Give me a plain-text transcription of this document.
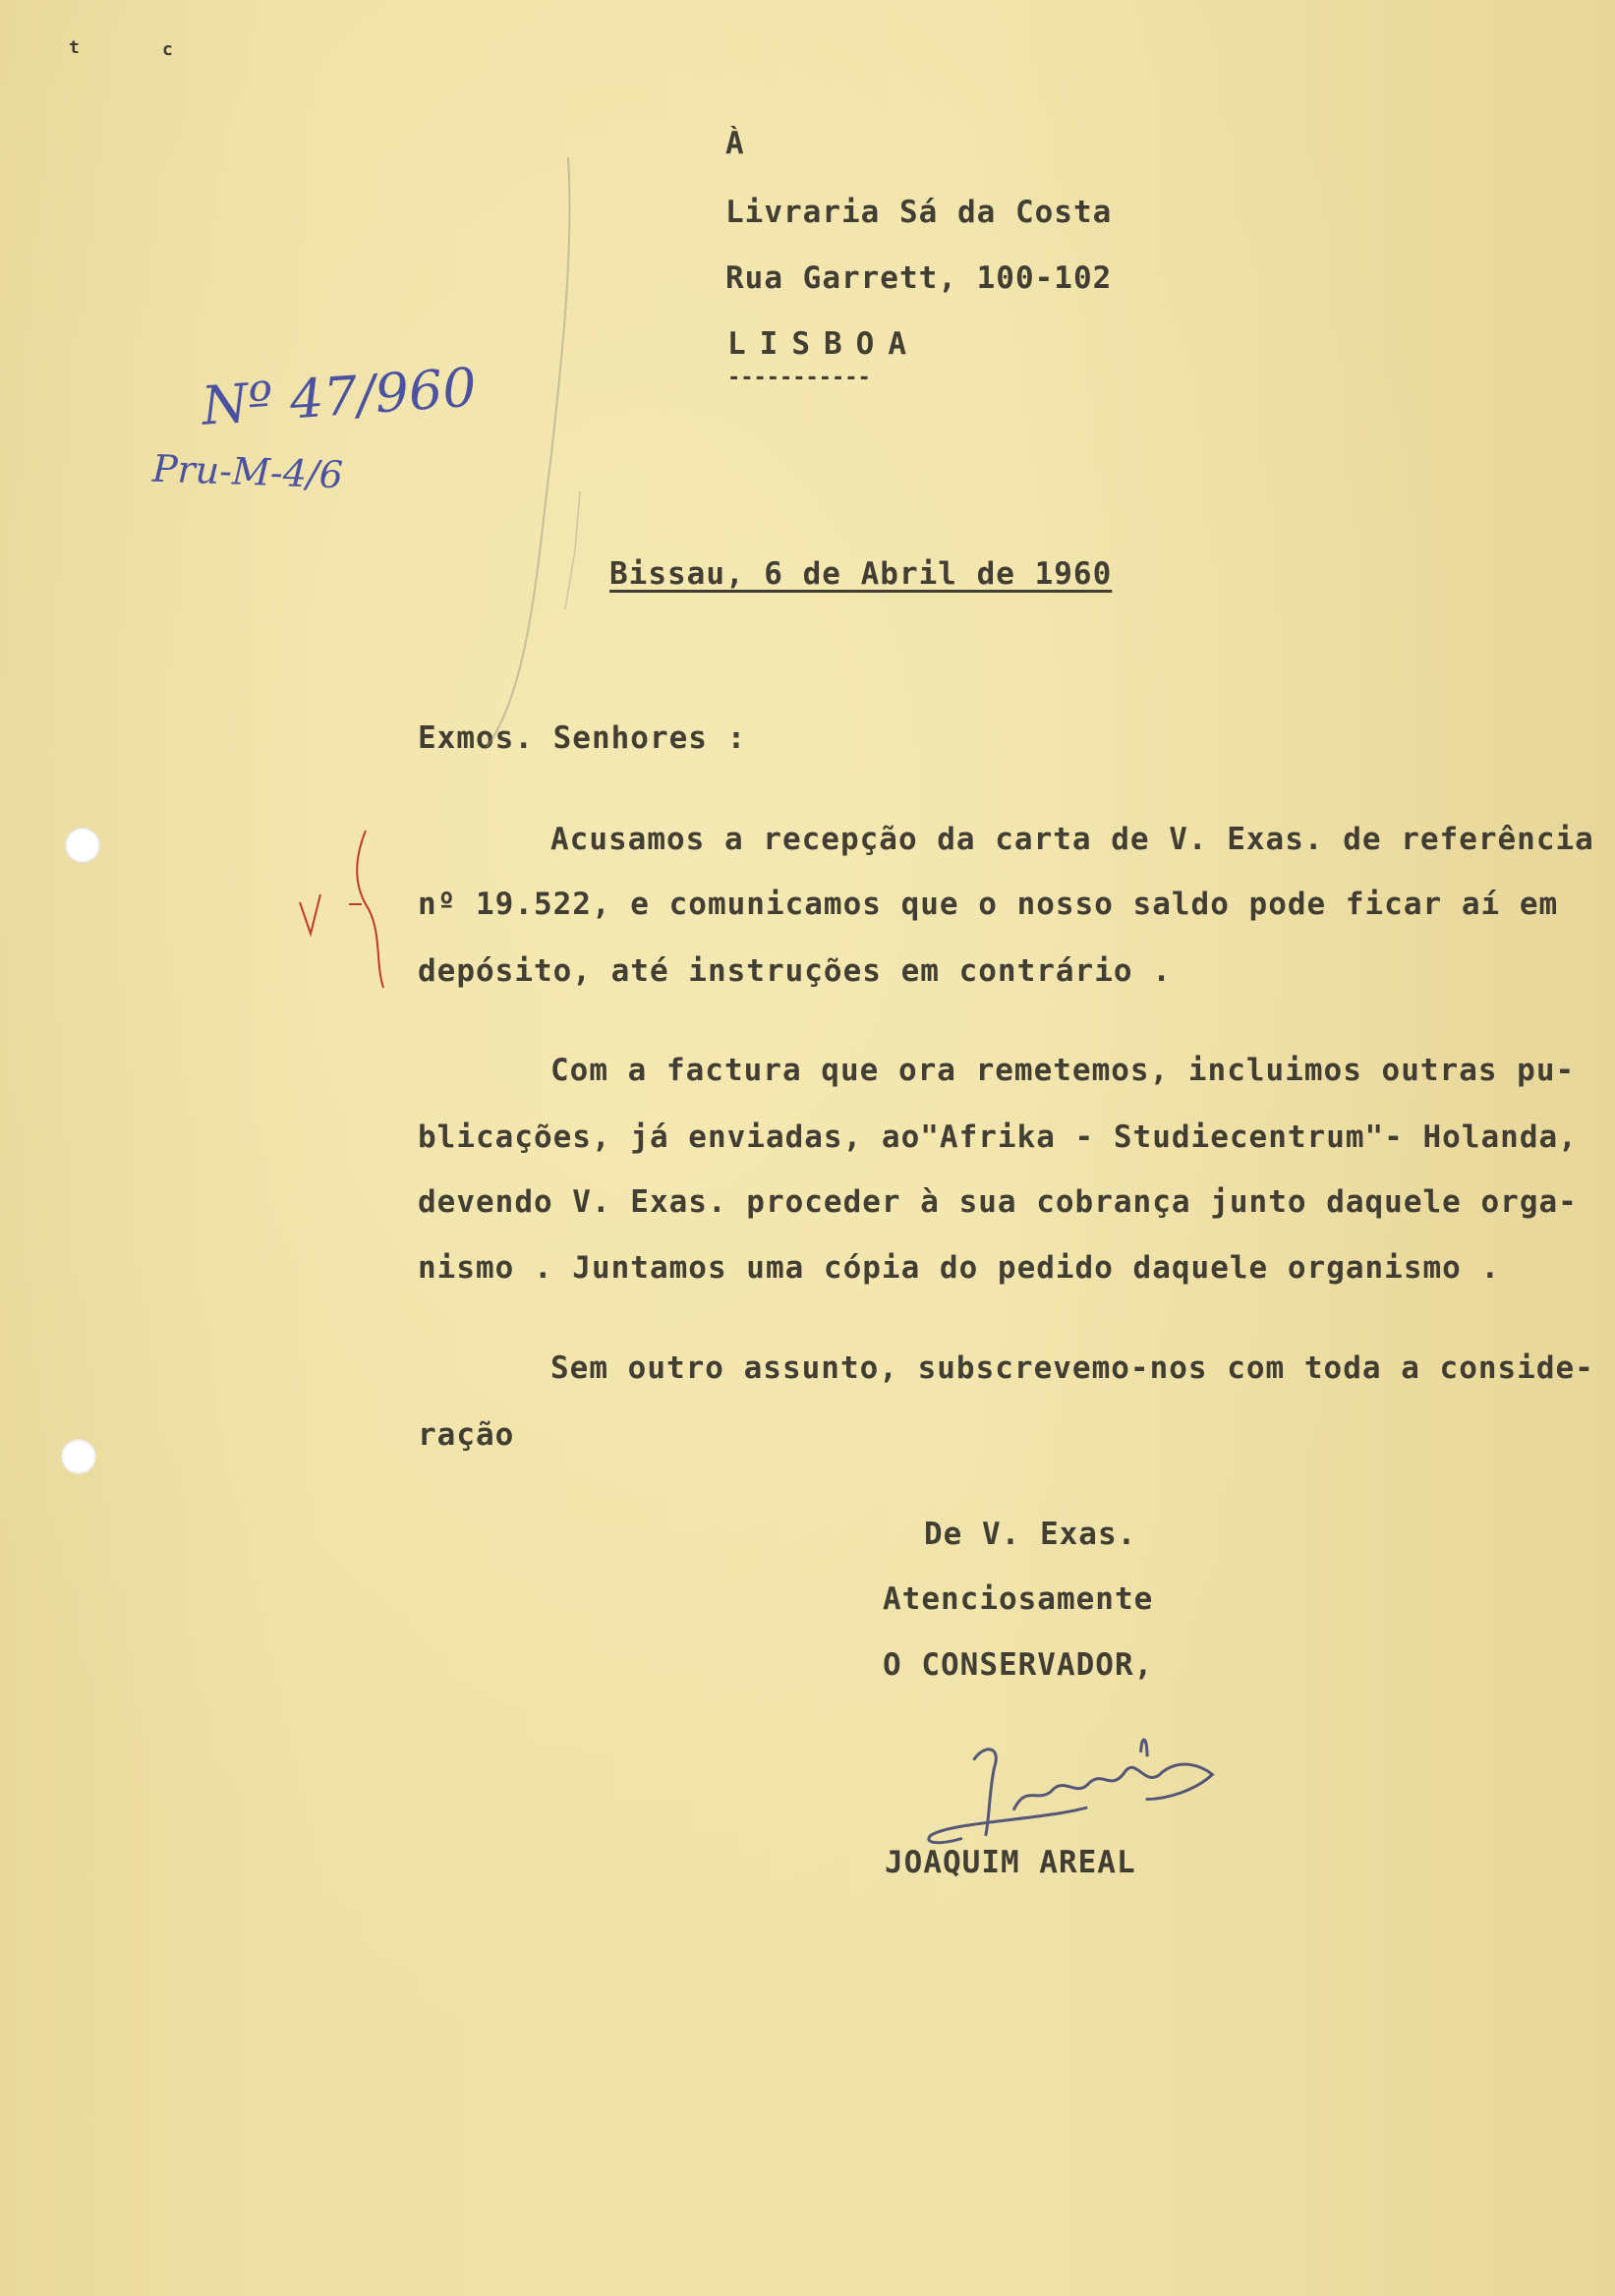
t	c
À
Livraria Sá da Costa
Rua Garrett, 100-102
LISBOA
-----------
Nº 47/960
Pru-M-4/6
Bissau, 6 de Abril de 1960
Exmos. Senhores :
Acusamos a recepção da carta de V. Exas. de referência
nº 19.522, e comunicamos que o nosso saldo pode ficar aí em
depósito, até instruções em contrário .
Com a factura que ora remetemos, incluimos outras pu-
blicações, já enviadas, ao"Afrika - Studiecentrum"- Holanda,
devendo V. Exas. proceder à sua cobrança junto daquele orga-
nismo . Juntamos uma cópia do pedido daquele organismo .
Sem outro assunto, subscrevemo-nos com toda a conside-
ração
De V. Exas.
Atenciosamente
O CONSERVADOR,
JOAQUIM AREAL
